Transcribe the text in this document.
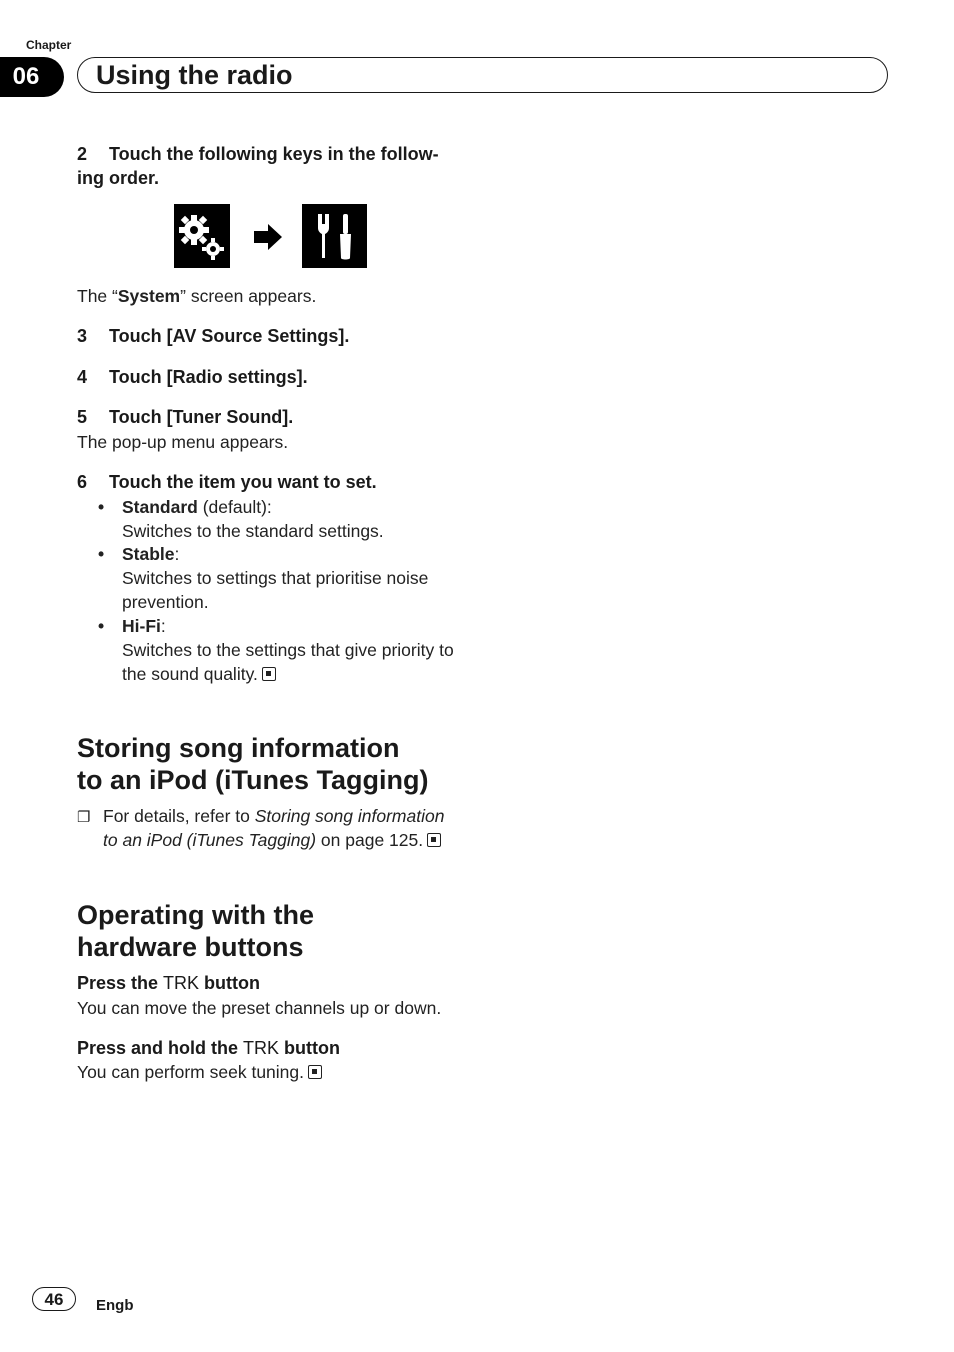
Chapter
06	Using the radio
2 Touch the following keys in the follow-
ing order.
The “System” screen appears.
3 Touch [AV Source Settings].
4 Touch [Radio settings].
5 Touch [Tuner Sound].
The pop-up menu appears.
6 Touch the item you want to set.
• Standard (default):
Switches to the standard settings.
• Stable:
Switches to settings that prioritise noise
prevention.
• Hi-Fi:
Switches to the settings that give priority to
the sound quality.
Storing song information
to an iPod (iTunes Tagging)
❐ For details, refer to Storing song information
to an iPod (iTunes Tagging) on page 125.
Operating with the
hardware buttons
Press the TRK button
You can move the preset channels up or down.
Press and hold the TRK button
You can perform seek tuning.
46	Engb
